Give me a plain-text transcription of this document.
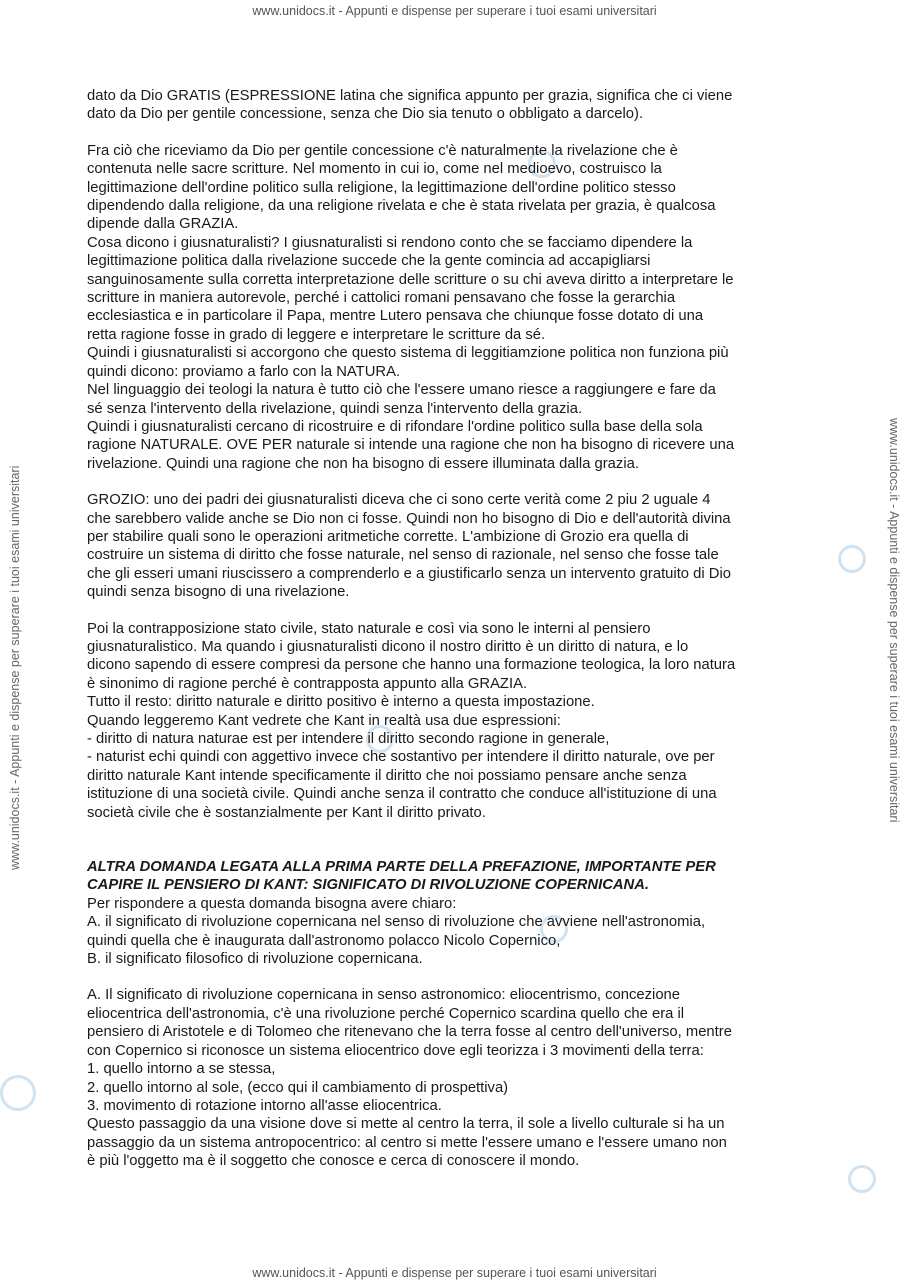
www.unidocs.it - Appunti e dispense per superare i tuoi esami universitari
www.unidocs.it - Appunti e dispense per superare i tuoi esami universitari	www.unidocs.it - Appunti e dispense per superare i tuoi esami universitari

dato da Dio GRATIS (ESPRESSIONE latina che significa appunto per grazia, significa che ci viene
dato da Dio per gentile concessione, senza che Dio sia tenuto o obbligato a darcelo).

Fra ciò che riceviamo da Dio per gentile concessione c'è naturalmente la rivelazione che è
contenuta nelle sacre scritture. Nel momento in cui io, come nel medioevo, costruisco la
legittimazione dell'ordine politico sulla religione, la legittimazione dell'ordine politico stesso
dipendendo dalla religione, da una religione rivelata e che è stata rivelata per grazia, è qualcosa
dipende dalla GRAZIA.
Cosa dicono i giusnaturalisti? I giusnaturalisti si rendono conto che se facciamo dipendere la
legittimazione politica dalla rivelazione succede che la gente comincia ad accapigliarsi
sanguinosamente sulla corretta interpretazione delle scritture o su chi aveva diritto a interpretare le
scritture in maniera autorevole, perché i cattolici romani pensavano che fosse la gerarchia
ecclesiastica e in particolare il Papa, mentre Lutero pensava che chiunque fosse dotato di una
retta ragione fosse in grado di leggere e interpretare le scritture da sé.
Quindi i giusnaturalisti si accorgono che questo sistema di leggitiamzione politica non funziona più
quindi dicono: proviamo a farlo con la NATURA.
Nel linguaggio dei teologi la natura è tutto ciò che l'essere umano riesce a raggiungere e fare da
sé senza l'intervento della rivelazione, quindi senza l'intervento della grazia.
Quindi i giusnaturalisti cercano di ricostruire e di rifondare l'ordine politico sulla base della sola
ragione NATURALE. OVE PER naturale si intende una ragione che non ha bisogno di ricevere una
rivelazione. Quindi una ragione che non ha bisogno di essere illuminata dalla grazia.

GROZIO: uno dei padri dei giusnaturalisti diceva che ci sono certe verità come 2 piu 2 uguale 4
che sarebbero valide anche se Dio non ci fosse. Quindi non ho bisogno di Dio e dell'autorità divina
per stabilire quali sono le operazioni aritmetiche corrette. L'ambizione di Grozio era quella di
costruire un sistema di diritto che fosse naturale, nel senso di razionale, nel senso che fosse tale
che gli esseri umani riuscissero a comprenderlo e a giustificarlo senza un intervento gratuito di Dio
quindi senza bisogno di una rivelazione.

Poi la contrapposizione stato civile, stato naturale e così via sono le interni al pensiero
giusnaturalistico. Ma quando i giusnaturalisti dicono il nostro diritto è un diritto di natura, e lo
dicono sapendo di essere compresi da persone che hanno una formazione teologica, la loro natura
è sinonimo di ragione perché è contrapposta appunto alla GRAZIA.
Tutto il resto: diritto naturale e diritto positivo è interno a questa impostazione.
Quando leggeremo Kant vedrete che Kant in realtà usa due espressioni:
- diritto di natura naturae est per intendere il diritto secondo ragione in generale,
- naturist echi quindi con aggettivo invece che sostantivo per intendere il diritto naturale, ove per
diritto naturale Kant intende specificamente il diritto che noi possiamo pensare anche senza
istituzione di una società civile. Quindi anche senza il contratto che conduce all'istituzione di una
società civile che è sostanzialmente per Kant il diritto privato.

ALTRA DOMANDA LEGATA ALLA PRIMA PARTE DELLA PREFAZIONE, IMPORTANTE PER
CAPIRE IL PENSIERO DI KANT: SIGNIFICATO DI RIVOLUZIONE COPERNICANA.

Per rispondere a questa domanda bisogna avere chiaro:
A. il significato di rivoluzione copernicana nel senso di rivoluzione che avviene nell'astronomia,
quindi quella che è inaugurata dall'astronomo polacco Nicolo Copernico,
B. il significato filosofico di rivoluzione copernicana.

A. Il significato di rivoluzione copernicana in senso astronomico: eliocentrismo, concezione
eliocentrica dell'astronomia, c'è una rivoluzione perché Copernico scardina quello che era il
pensiero di Aristotele e di Tolomeo che ritenevano che la terra fosse al centro dell'universo, mentre
con Copernico si riconosce un sistema eliocentrico dove egli teorizza i 3 movimenti della terra:
1. quello intorno a se stessa,
2. quello intorno al sole, (ecco qui il cambiamento di prospettiva)
3. movimento di rotazione intorno all'asse eliocentrica.
Questo passaggio da una visione dove si mette al centro la terra, il sole a livello culturale si ha un
passaggio da un sistema antropocentrico: al centro si mette l'essere umano e l'essere umano non
è più l'oggetto ma è il soggetto che conosce e cerca di conoscere il mondo.

www.unidocs.it - Appunti e dispense per superare i tuoi esami universitari
